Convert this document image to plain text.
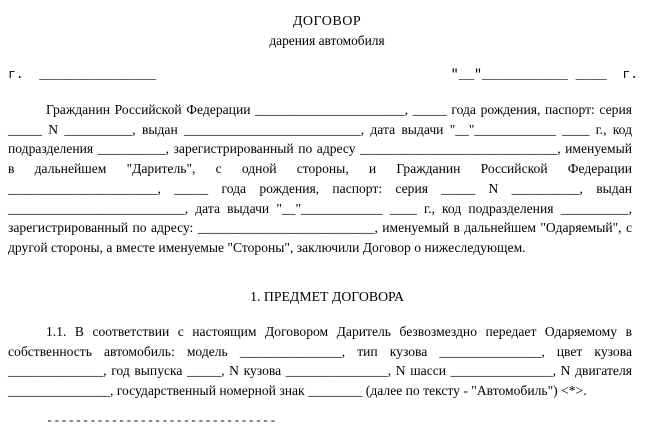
ДОГОВОР
дарения автомобиля
г.  _______________	"__"___________ ____  г.
Гражданин Российской Федерации ______________________, _____ года рождения, паспорт: серия _____ N __________, выдан __________________________, дата выдачи "__"____________ ____ г., код подразделения __________, зарегистрированный по адресу _____________________________, именуемый в дальнейшем "Даритель", с одной стороны, и Гражданин Российской Федерации ______________________, _____ года рождения, паспорт: серия _____ N __________, выдан __________________________, дата выдачи "__"____________ ____ г., код подразделения __________, зарегистрированный по адресу: __________________________, именуемый в дальнейшем "Одаряемый", с другой стороны, а вместе именуемые "Стороны", заключили Договор о нижеследующем.
1. ПРЕДМЕТ ДОГОВОРА
1.1. В соответствии с настоящим Договором Даритель безвозмездно передает Одаряемому в собственность автомобиль: модель _______________, тип кузова _______________, цвет кузова ______________, год выпуска _____, N кузова _______________, N шасси _______________, N двигателя _______________, государственный номерной знак ________ (далее по тексту - "Автомобиль") <*>.
--------------------------------
